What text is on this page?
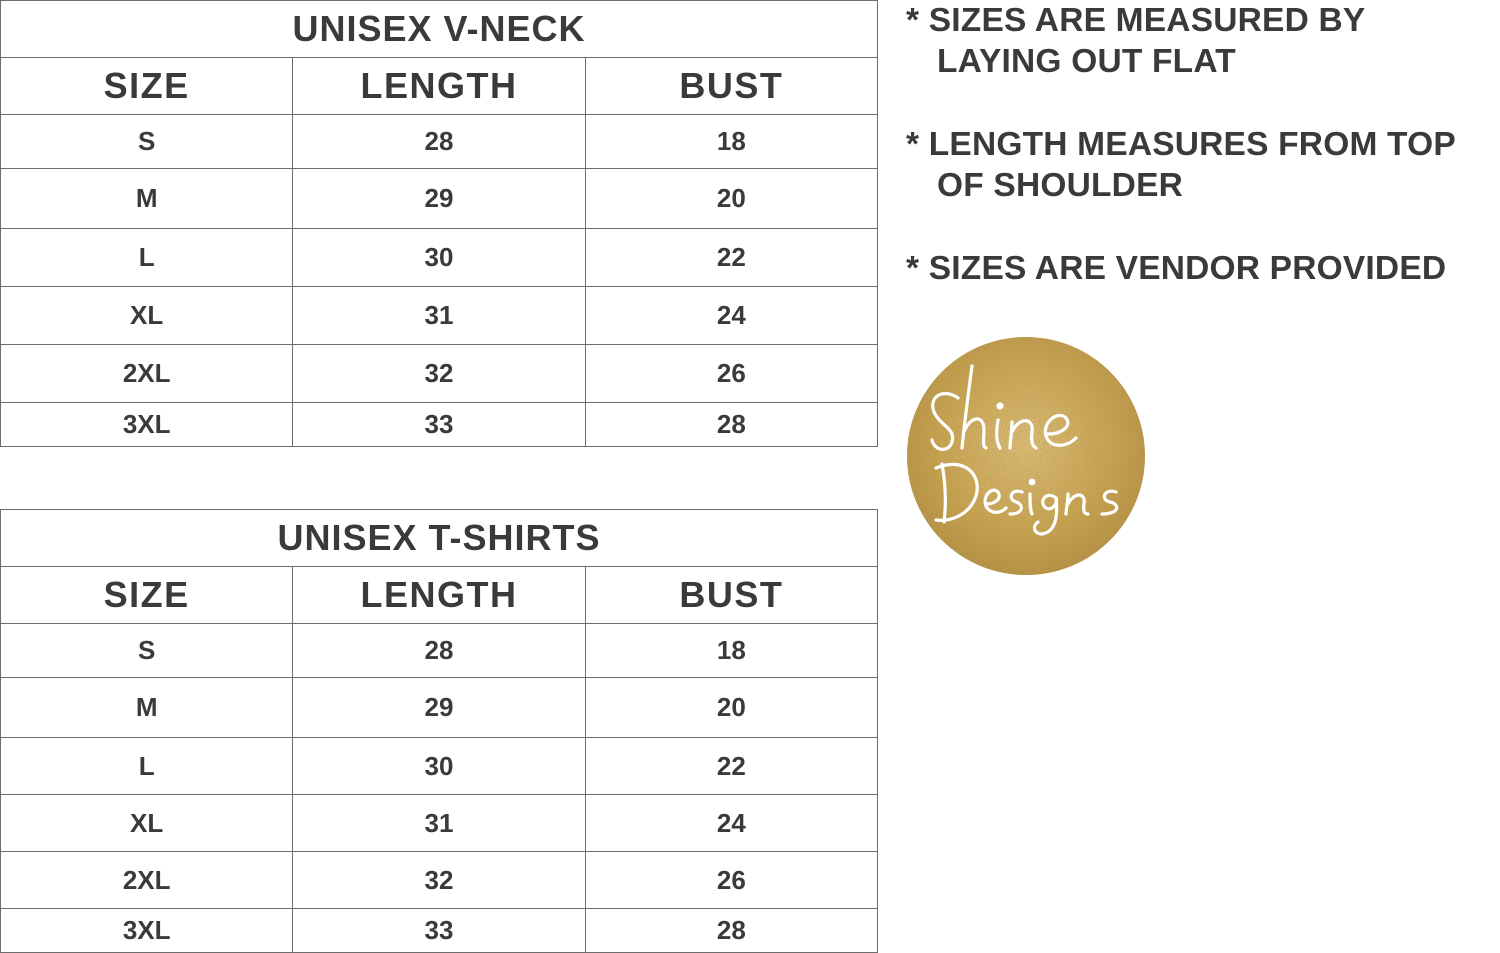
UNISEX V-NECK		
SIZE	LENGTH	BUST
S	28	18
M	29	20
L	30	22
XL	31	24
2XL	32	26
3XL	33	28
UNISEX T-SHIRTS		
SIZE	LENGTH	BUST
S	28	18
M	29	20
L	30	22
XL	31	24
2XL	32	26
3XL	33	28
* SIZES ARE MEASURED BY
LAYING OUT FLAT
* LENGTH MEASURES FROM TOP
OF SHOULDER
* SIZES ARE VENDOR PROVIDED
